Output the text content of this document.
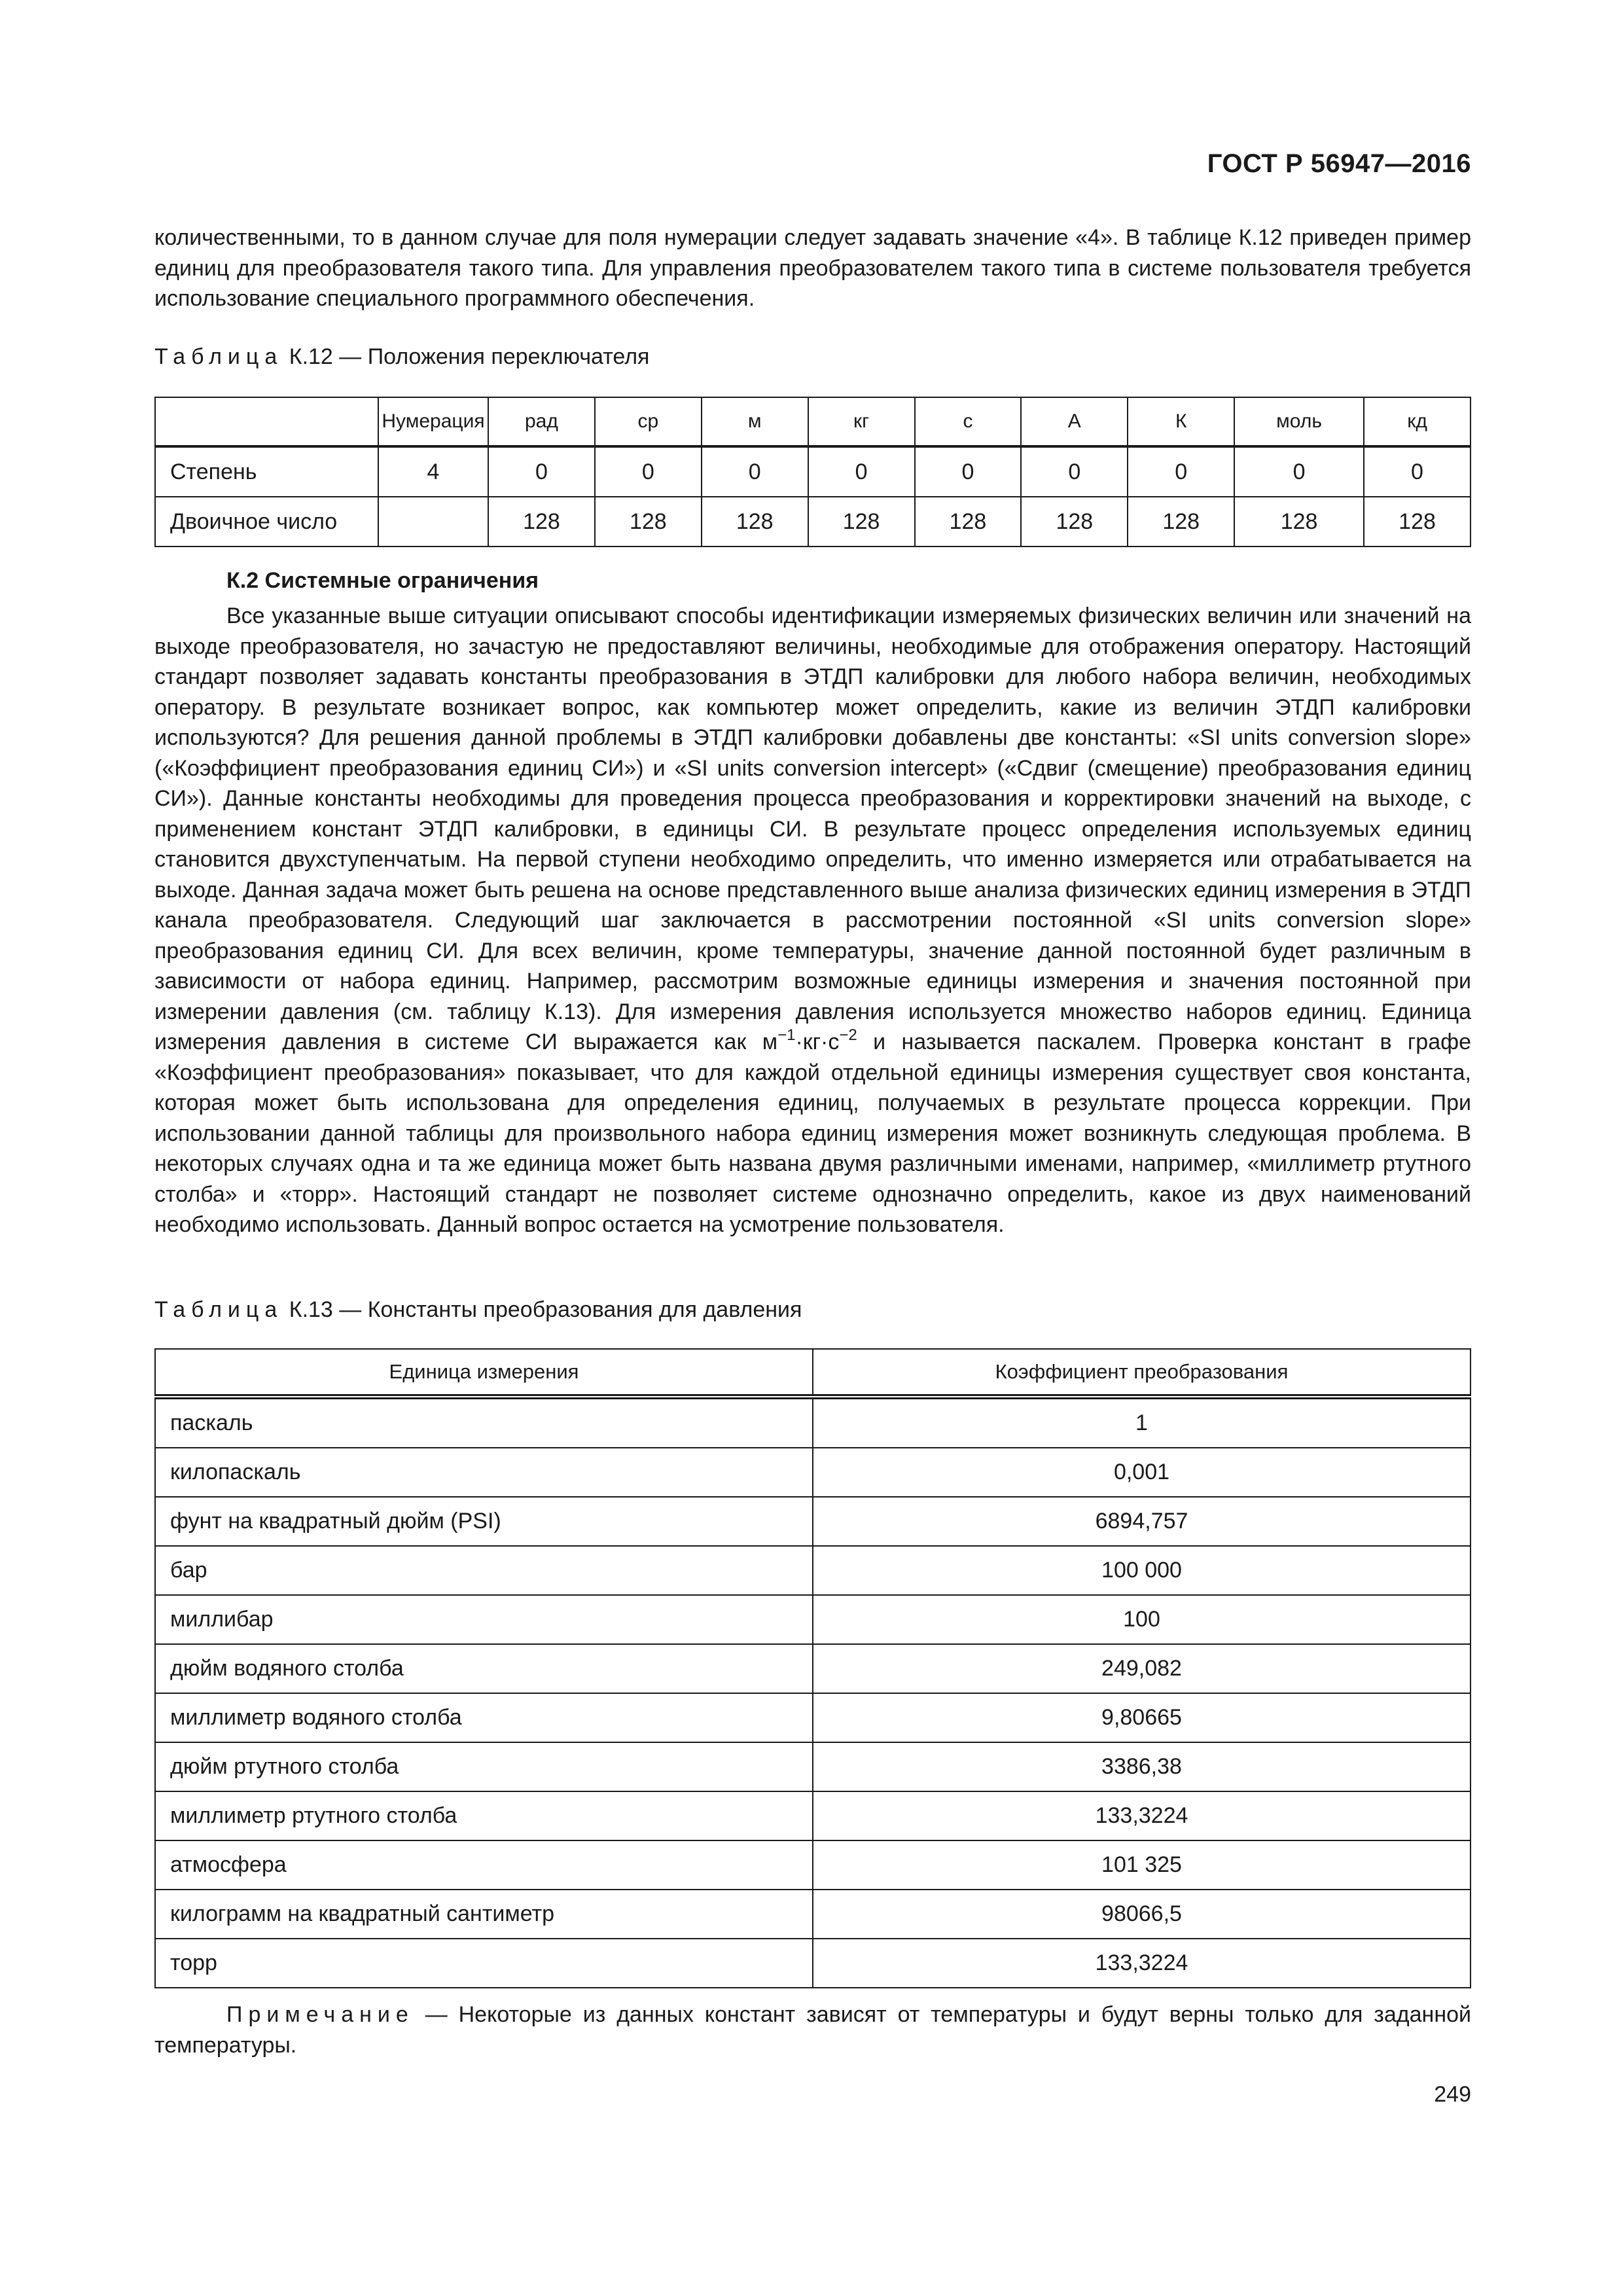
ГОСТ Р 56947—2016

количественными, то в данном случае для поля нумерации следует задавать значение «4». В таблице К.12 приведен пример единиц для преобразователя такого типа. Для управления преобразователем такого типа в системе пользователя требуется использование специального программного обеспечения.

Таблица К.12 — Положения переключателя
	Нумерация	рад	ср	м	кг	с	А	К	моль	кд
Степень	4	0	0	0	0	0	0	0	0	0
Двоичное число		128	128	128	128	128	128	128	128	128
К.2 Системные ограничения

Все указанные выше ситуации описывают способы идентификации измеряемых физических величин или значений на выходе преобразователя, но зачастую не предоставляют величины, необходимые для отображения оператору. Настоящий стандарт позволяет задавать константы преобразования в ЭТДП калибровки для любого набора величин, необходимых оператору. В результате возникает вопрос, как компьютер может определить, какие из величин ЭТДП калибровки используются? Для решения данной проблемы в ЭТДП калибровки добавлены две константы: «SI units conversion slope» («Коэффициент преобразования единиц СИ») и «SI units conversion intercept» («Сдвиг (смещение) преобразования единиц СИ»). Данные константы необходимы для проведения процесса преобразования и корректировки значений на выходе, с применением констант ЭТДП калибровки, в единицы СИ. В результате процесс определения используемых единиц становится двухступенчатым. На первой ступени необходимо определить, что именно измеряется или отрабатывается на выходе. Данная задача может быть решена на основе представленного выше анализа физических единиц измерения в ЭТДП канала преобразователя. Следующий шаг заключается в рассмотрении постоянной «SI units conversion slope» преобразования единиц СИ. Для всех величин, кроме температуры, значение данной постоянной будет различным в зависимости от набора единиц. Например, рассмотрим возможные единицы измерения и значения постоянной при измерении давления (см. таблицу К.13). Для измерения давления используется множество наборов единиц. Единица измерения давления в системе СИ выражается как $м^{-1}\cdot кг\cdot с^{-2}$ и называется паскалем. Проверка констант в графе «Коэффициент преобразования» показывает, что для каждой отдельной единицы измерения существует своя константа, которая может быть использована для определения единиц, получаемых в результате процесса коррекции. При использовании данной таблицы для произвольного набора единиц измерения может возникнуть следующая проблема. В некоторых случаях одна и та же единица может быть названа двумя различными именами, например, «миллиметр ртутного столба» и «торр». Настоящий стандарт не позволяет системе однозначно определить, какое из двух наименований необходимо использовать. Данный вопрос остается на усмотрение пользователя.

Таблица К.13 — Константы преобразования для давления
Единица измерения	Коэффициент преобразования
паскаль	1
килопаскаль	0,001
фунт на квадратный дюйм (PSI)	6894,757
бар	100 000
миллибар	100
дюйм водяного столба	249,082
миллиметр водяного столба	9,80665
дюйм ртутного столба	3386,38
миллиметр ртутного столба	133,3224
атмосфера	101 325
килограмм на квадратный сантиметр	98066,5
торр	133,3224

Примечание — Некоторые из данных констант зависят от температуры и будут верны только для заданной температуры.

249
